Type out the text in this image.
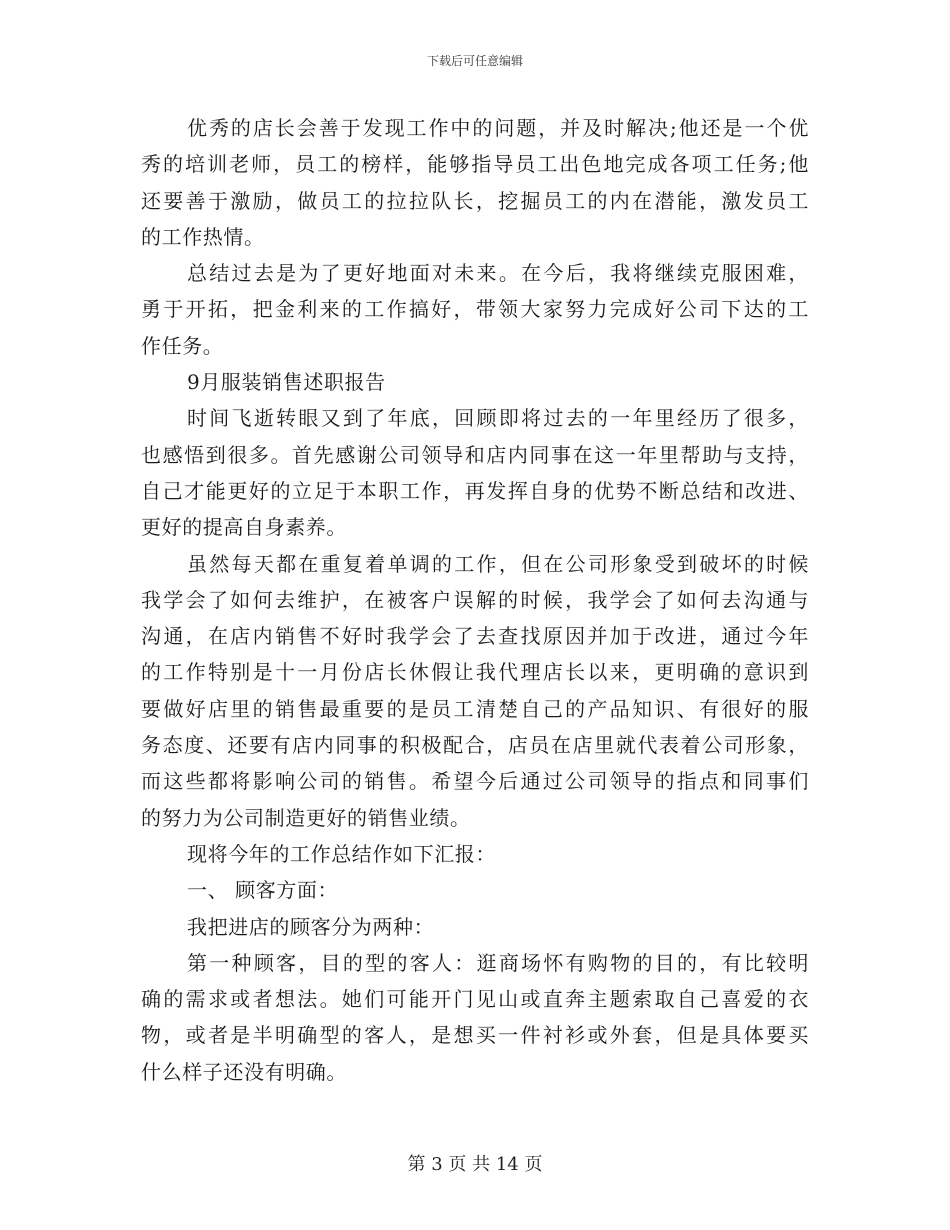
下载后可任意编辑
优秀的店长会善于发现工作中的问题，并及时解决;他还是一个优
秀的培训老师，员工的榜样，能够指导员工出色地完成各项工任务;他
还要善于激励，做员工的拉拉队长，挖掘员工的内在潜能，激发员工
的工作热情。
总结过去是为了更好地面对未来。在今后，我将继续克服困难，
勇于开拓，把金利来的工作搞好，带领大家努力完成好公司下达的工
作任务。
9月服装销售述职报告
时间飞逝转眼又到了年底，回顾即将过去的一年里经历了很多，
也感悟到很多。首先感谢公司领导和店内同事在这一年里帮助与支持，
自己才能更好的立足于本职工作，再发挥自身的优势不断总结和改进、
更好的提高自身素养。
虽然每天都在重复着单调的工作，但在公司形象受到破坏的时候
我学会了如何去维护，在被客户误解的时候，我学会了如何去沟通与
沟通，在店内销售不好时我学会了去查找原因并加于改进，通过今年
的工作特别是十一月份店长休假让我代理店长以来，更明确的意识到
要做好店里的销售最重要的是员工清楚自己的产品知识、有很好的服
务态度、还要有店内同事的积极配合，店员在店里就代表着公司形象，
而这些都将影响公司的销售。希望今后通过公司领导的指点和同事们
的努力为公司制造更好的销售业绩。
现将今年的工作总结作如下汇报：
一、 顾客方面：
我把进店的顾客分为两种：
第一种顾客，目的型的客人：逛商场怀有购物的目的，有比较明
确的需求或者想法。她们可能开门见山或直奔主题索取自己喜爱的衣
物，或者是半明确型的客人，是想买一件衬衫或外套，但是具体要买
什么样子还没有明确。
第 3 页 共 14 页
